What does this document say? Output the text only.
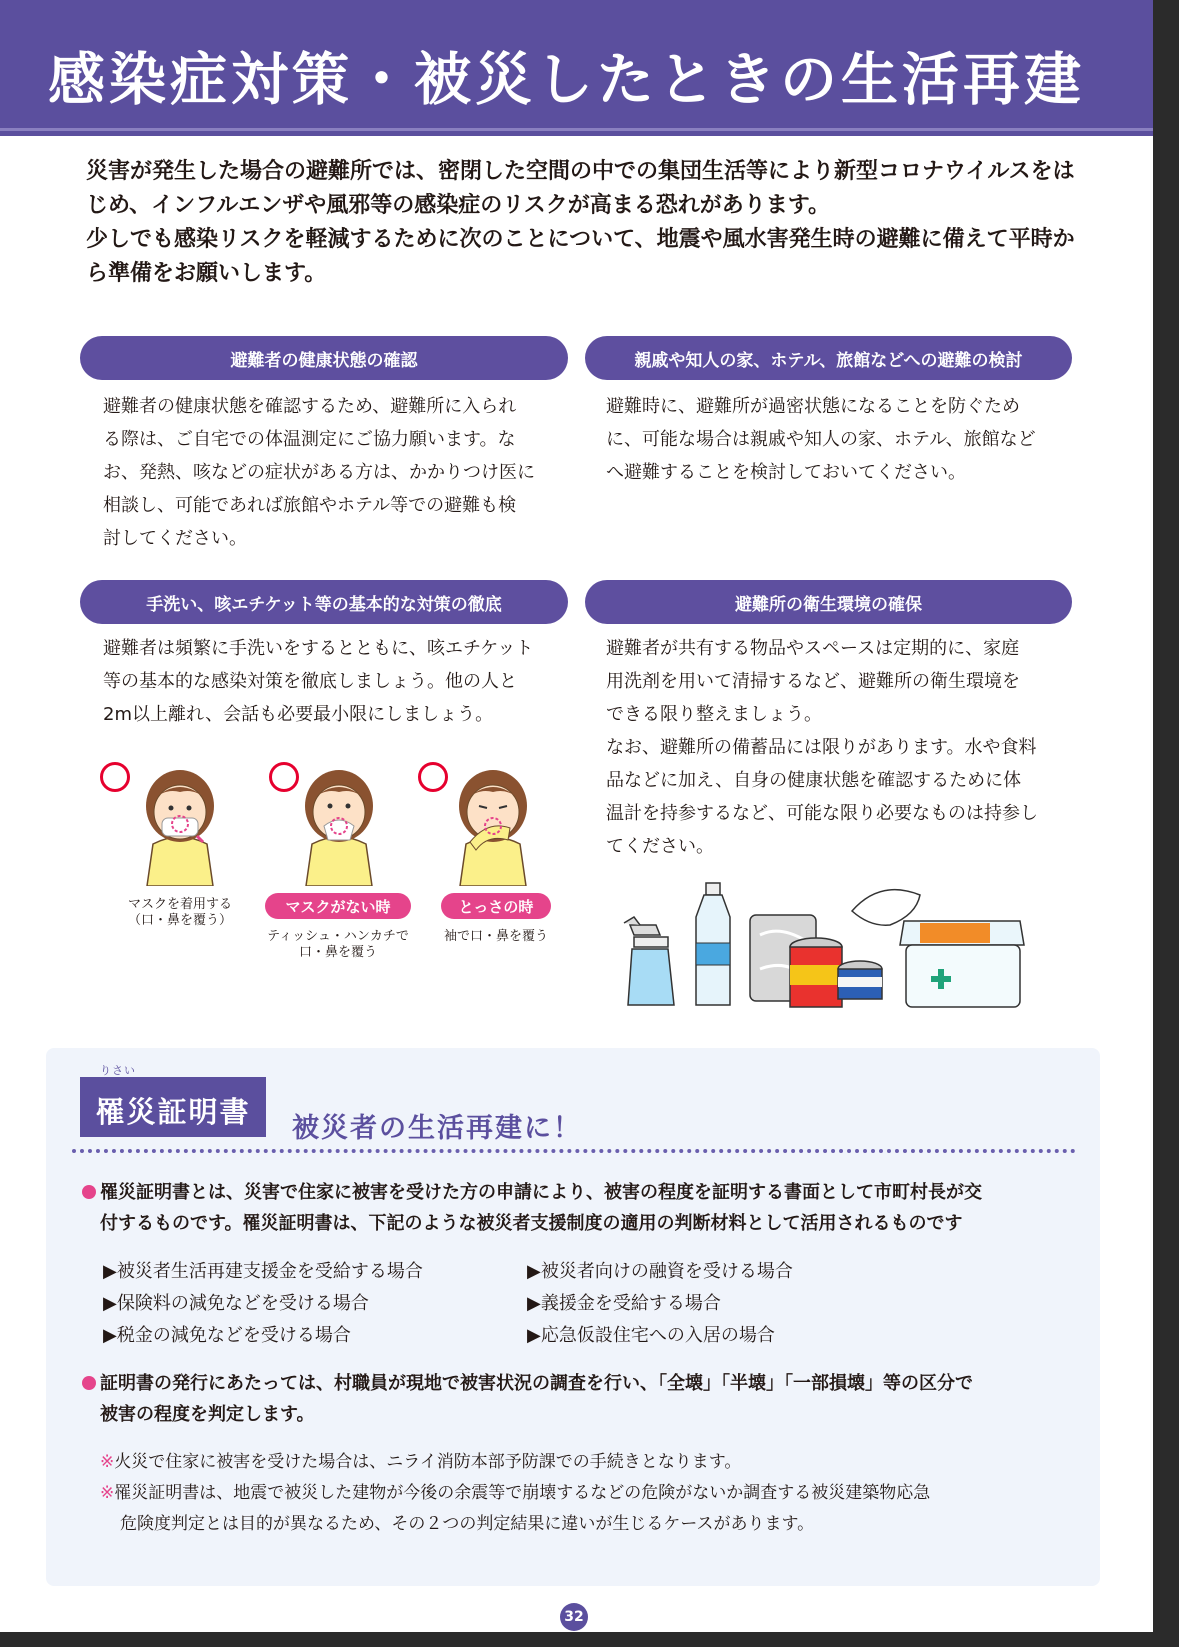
感染症対策・被災したときの生活再建

災害が発生した場合の避難所では、密閉した空間の中での集団生活等により新型コロナウイルスをはじめ、インフルエンザや風邪等の感染症のリスクが高まる恐れがあります。

少しでも感染リスクを軽減するために次のことについて、地震や風水害発生時の避難に備えて平時から準備をお願いします。

避難者の健康状態の確認

避難者の健康状態を確認するため、避難所に入られ

る際は、ご自宅での体温測定にご協力願います。な

お、発熱、咳などの症状がある方は、かかりつけ医に

相談し、可能であれば旅館やホテル等での避難も検

討してください。

親戚や知人の家、ホテル、旅館などへの避難の検討

避難時に、避難所が過密状態になることを防ぐため

に、可能な場合は親戚や知人の家、ホテル、旅館など

へ避難することを検討しておいてください。

手洗い、咳エチケット等の基本的な対策の徹底

避難者は頻繁に手洗いをするとともに、咳エチケット

等の基本的な感染対策を徹底しましょう。他の人と

2m以上離れ、会話も必要最小限にしましょう。

避難所の衛生環境の確保

避難者が共有する物品やスペースは定期的に、家庭

用洗剤を用いて清掃するなど、避難所の衛生環境を

できる限り整えましょう。

なお、避難所の備蓄品には限りがあります。水や食料

品などに加え、自身の健康状態を確認するために体

温計を持参するなど、可能な限り必要なものは持参し

てください。

マスクを着用する
（口・鼻を覆う）
マスクがない時
ティッシュ・ハンカチで
口・鼻を覆う
とっさの時
袖で口・鼻を覆う
罹災証明書
りさい
被災者の生活再建に！

罹災証明書とは、災害で住家に被害を受けた方の申請により、被害の程度を証明する書面として市町村長が交

付するものです。罹災証明書は、下記のような被災者支援制度の適用の判断材料として活用されるものです

▶被災者生活再建支援金を受給する場合
▶保険料の減免などを受ける場合
▶税金の減免などを受ける場合
▶被災者向けの融資を受ける場合
▶義援金を受給する場合
▶応急仮設住宅への入居の場合

証明書の発行にあたっては、村職員が現地で被害状況の調査を行い、「全壊」「半壊」「一部損壊」等の区分で

被害の程度を判定します。

※火災で住家に被害を受けた場合は、ニライ消防本部予防課での手続きとなります。

※罹災証明書は、地震で被災した建物が今後の余震等で崩壊するなどの危険がないか調査する被災建築物応急

危険度判定とは目的が異なるため、その２つの判定結果に違いが生じるケースがあります。

32
